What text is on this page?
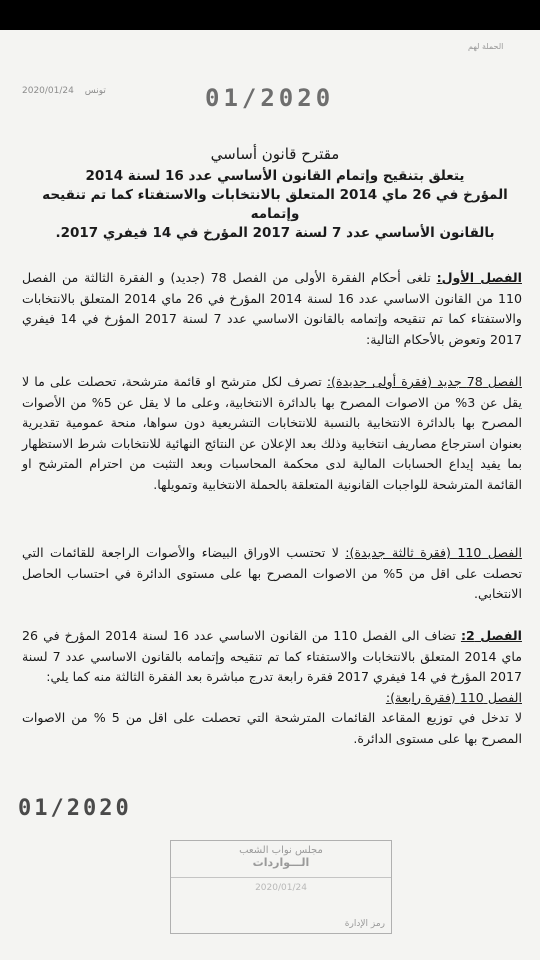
الحملة لهم
2020/01/24 تونس	01/2020
مقترح قانون أساسي
يتعلق بتنقيح وإتمام القانون الأساسي عدد 16 لسنة 2014
المؤرخ في 26 ماي 2014 المتعلق بالانتخابات والاستفتاء كما تم تنقيحه وإتمامه
بالقانون الأساسي عدد 7 لسنة 2017 المؤرخ في 14 فيفري 2017.
الفصل الأول: تلغى أحكام الفقرة الأولى من الفصل 78 (جديد) و الفقرة الثالثة من الفصل 110 من القانون الاساسي عدد 16 لسنة 2014 المؤرخ في 26 ماي 2014 المتعلق بالانتخابات والاستفتاء كما تم تنقيحه وإتمامه بالقانون الاساسي عدد 7 لسنة 2017 المؤرخ في 14 فيفري 2017 وتعوض بالأحكام التالية:
الفصل 78 جديد (فقرة أولى جديدة): تصرف لكل مترشح او قائمة مترشحة، تحصلت على ما لا يقل عن 3% من الاصوات المصرح بها بالدائرة الانتخابية، وعلى ما لا يقل عن 5% من الأصوات المصرح بها بالدائرة الانتخابية بالنسبة للانتخابات التشريعية دون سواها، منحة عمومية تقديرية بعنوان استرجاع مصاريف انتخابية وذلك بعد الإعلان عن النتائج النهائية للانتخابات شرط الاستظهار بما يفيد إيداع الحسابات المالية لدى محكمة المحاسبات وبعد التثبت من احترام المترشح او القائمة المترشحة للواجبات القانونية المتعلقة بالحملة الانتخابية وتمويلها.
الفصل 110 (فقرة ثالثة جديدة): لا تحتسب الاوراق البيضاء والأصوات الراجعة للقائمات التي تحصلت على اقل من 5% من الاصوات المصرح بها على مستوى الدائرة في احتساب الحاصل الانتخابي.
الفصل 2: تضاف الى الفصل 110 من القانون الاساسي عدد 16 لسنة 2014 المؤرخ في 26 ماي 2014 المتعلق بالانتخابات والاستفتاء كما تم تنقيحه وإتمامه بالقانون الاساسي عدد 7 لسنة 2017 المؤرخ في 14 فيفري 2017 فقرة رابعة تدرج مباشرة بعد الفقرة الثالثة منه كما يلي:
الفصل 110 (فقرة رابعة):
لا تدخل في توزيع المقاعد القائمات المترشحة التي تحصلت على اقل من 5 % من الاصوات المصرح بها على مستوى الدائرة.
01/2020
مجلس نواب الشعب
الـــواردات
2020/01/24
رمز الإدارة
